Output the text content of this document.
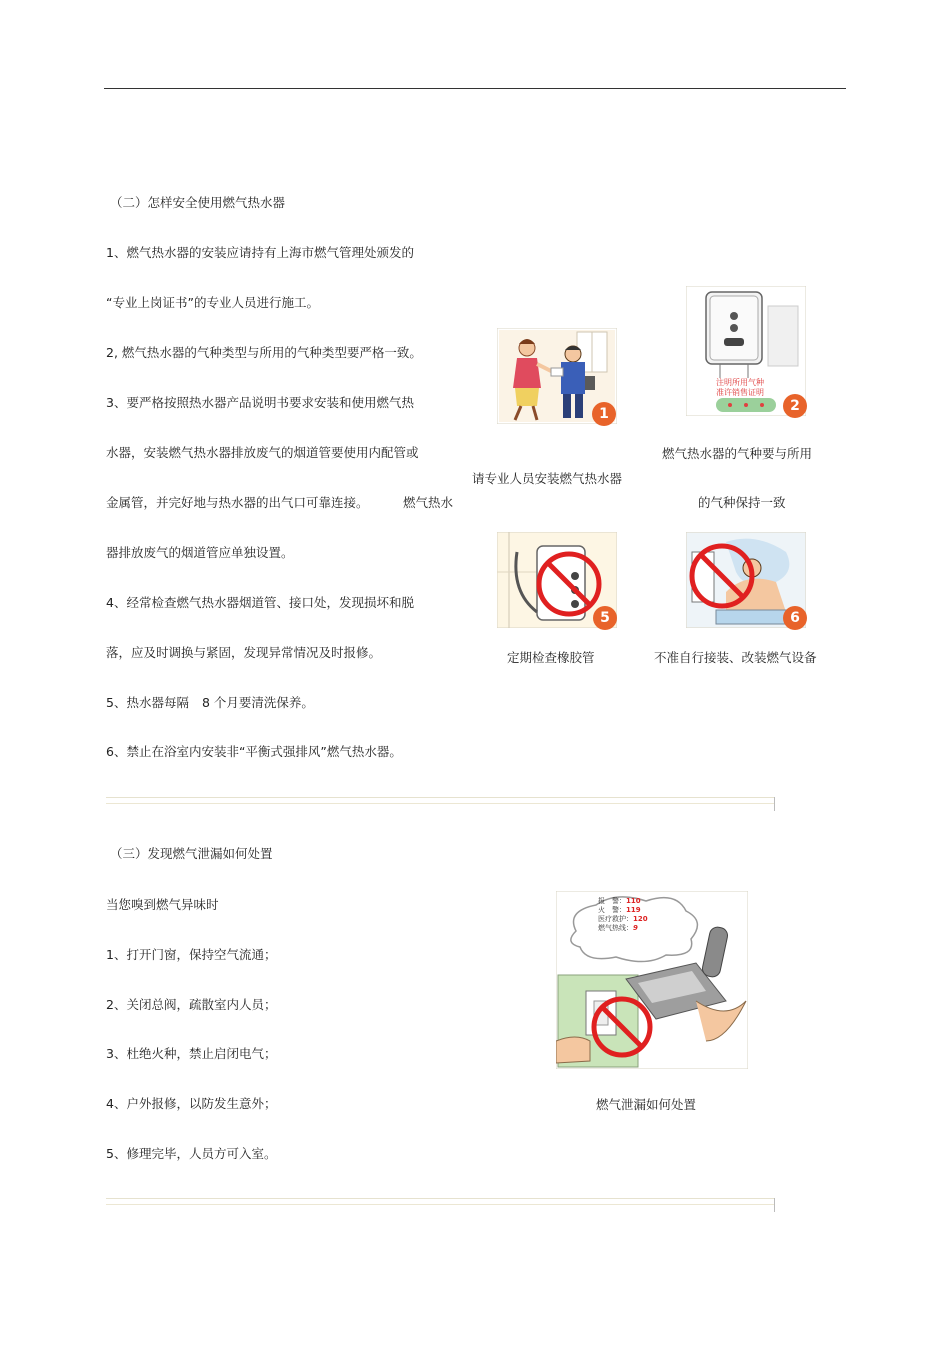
（二）怎样安全使用燃气热水器
1、燃气热水器的安装应请持有上海市燃气管理处颁发的
“专业上岗证书”的专业人员进行施工。
2, 燃气热水器的气种类型与所用的气种类型要严格一致。
3、要严格按照热水器产品说明书要求安装和使用燃气热
水器，安装燃气热水器排放废气的烟道管要使用内配管或
金属管，并完好地与热水器的出气口可靠连接。	燃气热水
器排放废气的烟道管应单独设置。
4、经常检查燃气热水器烟道管、接口处，发现损坏和脱
落，应及时调换与紧固，发现异常情况及时报修。
5、热水器每隔 8 个月要清洗保养。
6、禁止在浴室内安装非“平衡式强排风”燃气热水器。
1
请专业人员安装燃气热水器
注明所用气种
准许销售证明
2
燃气热水器的气种要与所用
的气种保持一致
5
定期检查橡胶管
6
不准自行接装、改装燃气设备
（三）发现燃气泄漏如何处置
当您嗅到燃气异味时
1、打开门窗，保持空气流通；
2、关闭总阀，疏散室内人员；
3、杜绝火种，禁止启闭电气；
4、户外报修，以防发生意外；
5、修理完毕，人员方可入室。
报　警：110
火　警：119
医疗救护：120
燃气热线：9
燃气泄漏如何处置
